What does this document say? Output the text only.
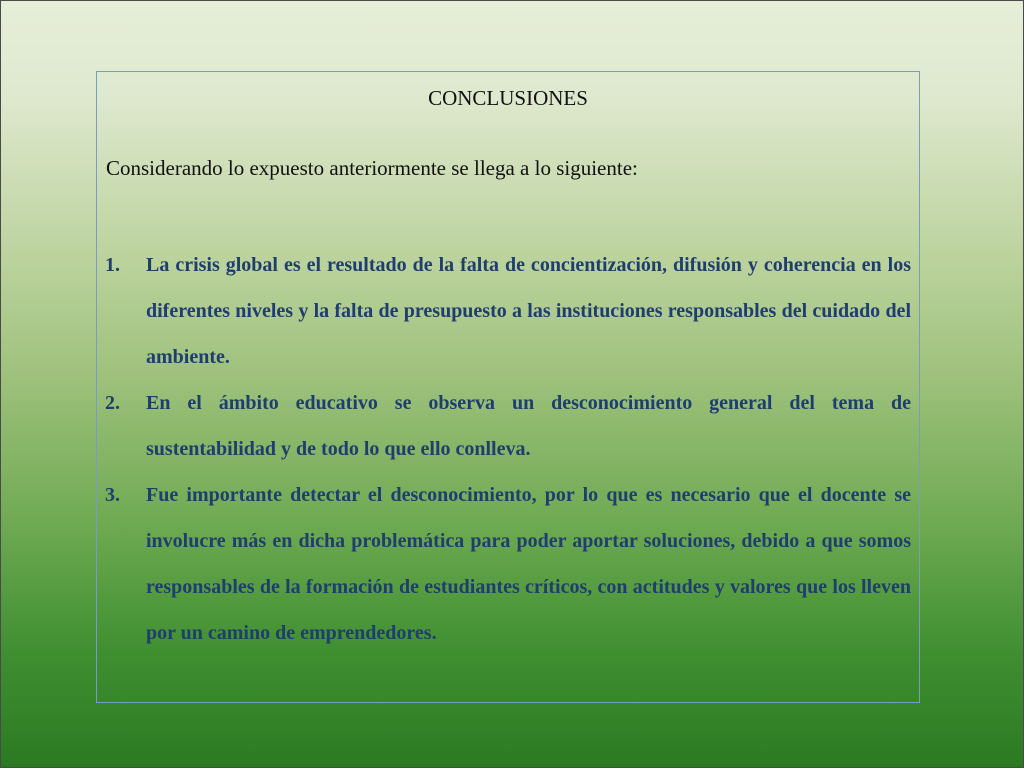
CONCLUSIONES
Considerando lo expuesto anteriormente se llega a lo siguiente:
1. La crisis global es el resultado de la falta de concientización, difusión y coherencia en los diferentes niveles y la falta de presupuesto a las instituciones responsables del cuidado del ambiente.
2. En el ámbito educativo se observa un desconocimiento general del tema de sustentabilidad y de todo lo que ello conlleva.
3. Fue importante detectar el desconocimiento, por lo que es necesario que el docente se involucre más en dicha problemática para poder aportar soluciones, debido a que somos responsables de la formación de estudiantes críticos, con actitudes y valores que los lleven por un camino de emprendedores.
